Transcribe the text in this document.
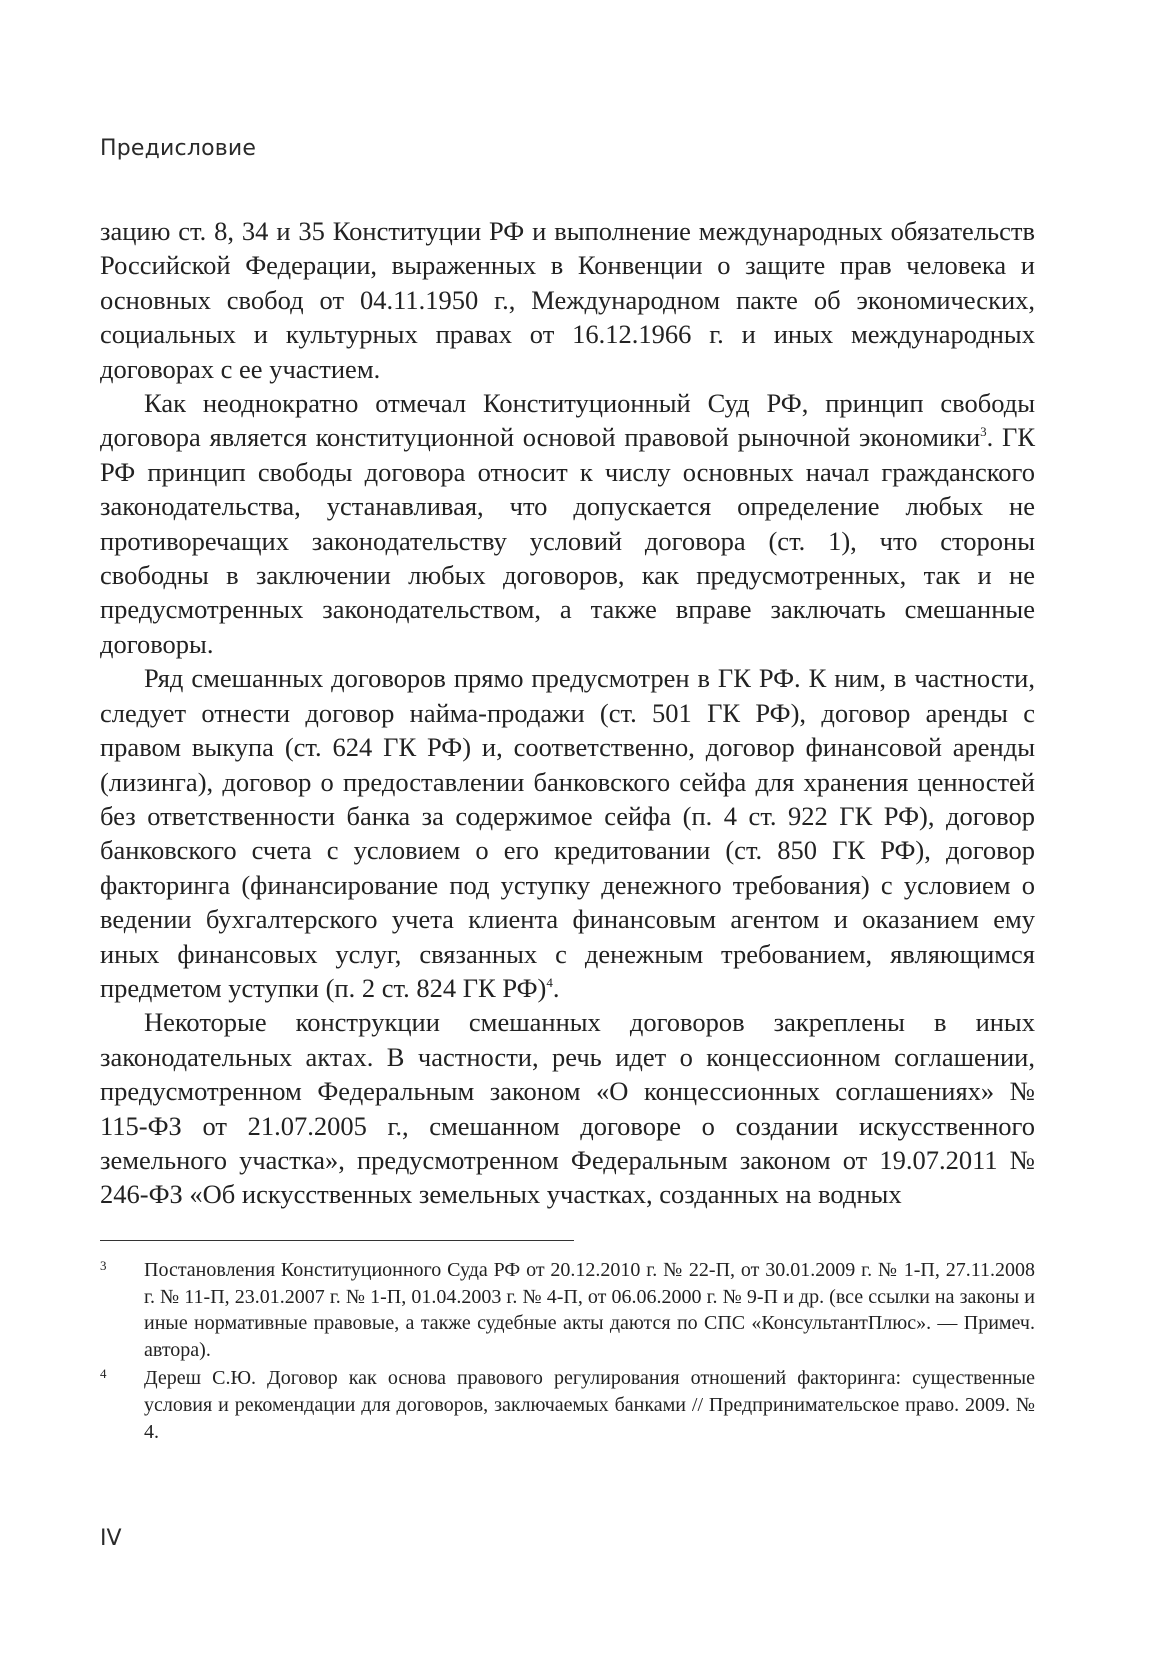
Предисловие

зацию ст. 8, 34 и 35 Конституции РФ и выполнение международных обязательств Российской Федерации, выраженных в Конвенции о защите прав человека и основных свобод от 04.11.1950 г., Международном пакте об экономических, социальных и культурных правах от 16.12.1966 г. и иных международных договорах с ее участием.

Как неоднократно отмечал Конституционный Суд РФ, принцип свободы договора является конституционной основой правовой рыночной экономики$^3$. ГК РФ принцип свободы договора относит к числу основных начал гражданского законодательства, устанавливая, что допускается определение любых не противоречащих законодательству условий договора (ст. 1), что стороны свободны в заключении любых договоров, как предусмотренных, так и не предусмотренных законодательством, а также вправе заключать смешанные договоры.

Ряд смешанных договоров прямо предусмотрен в ГК РФ. К ним, в частности, следует отнести договор найма-продажи (ст. 501 ГК РФ), договор аренды с правом выкупа (ст. 624 ГК РФ) и, соответственно, договор финансовой аренды (лизинга), договор о предоставлении банковского сейфа для хранения ценностей без ответственности банка за содержимое сейфа (п. 4 ст. 922 ГК РФ), договор банковского счета с условием о его кредитовании (ст. 850 ГК РФ), договор факторинга (финансирование под уступку денежного требования) с условием о ведении бухгалтерского учета клиента финансовым агентом и оказанием ему иных финансовых услуг, связанных с денежным требованием, являющимся предметом уступки (п. 2 ст. 824 ГК РФ)$^4$.

Некоторые конструкции смешанных договоров закреплены в иных законодательных актах. В частности, речь идет о концессионном соглашении, предусмотренном Федеральным законом «О концессионных соглашениях» № 115-ФЗ от 21.07.2005 г., смешанном договоре о создании искусственного земельного участка», предусмотренном Федеральным законом от 19.07.2011 № 246-ФЗ «Об искусственных земельных участках, созданных на водных

3 Постановления Конституционного Суда РФ от 20.12.2010 г. № 22-П, от 30.01.2009 г. № 1-П, 27.11.2008 г. № 11-П, 23.01.2007 г. № 1-П, 01.04.2003 г. № 4-П, от 06.06.2000 г. № 9-П и др. (все ссылки на законы и иные нормативные правовые, а также судебные акты даются по СПС «КонсультантПлюс». — Примеч. автора).
4 Дереш С.Ю. Договор как основа правового регулирования отношений факторинга: существенные условия и рекомендации для договоров, заключаемых банками // Предпринимательское право. 2009. № 4.
IV
